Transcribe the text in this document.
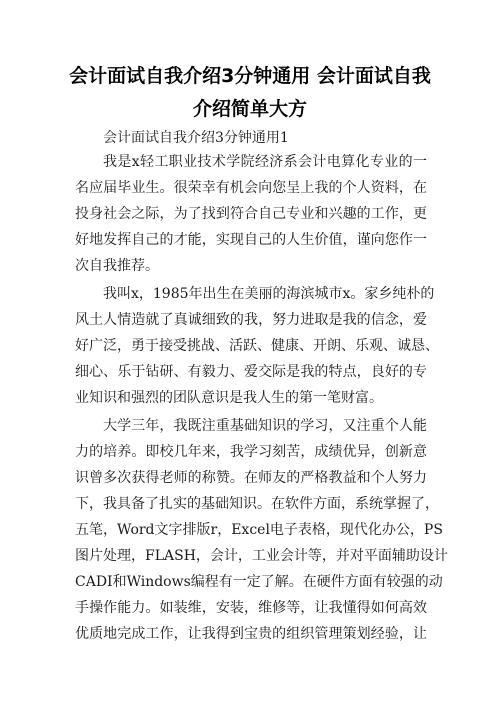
会计面试自我介绍3分钟通用 会计面试自我
介绍简单大方
会计面试自我介绍3分钟通用1
我是x轻工职业技术学院经济系会计电算化专业的一
名应届毕业生。很荣幸有机会向您呈上我的个人资料，在
投身社会之际，为了找到符合自己专业和兴趣的工作，更
好地发挥自己的才能，实现自己的人生价值，谨向您作一
次自我推荐。
我叫x，1985年出生在美丽的海滨城市x。家乡纯朴的
风土人情造就了真诚细致的我，努力进取是我的信念，爱
好广泛，勇于接受挑战、活跃、健康、开朗、乐观、诚恳、
细心、乐于钻研、有毅力、爱交际是我的特点，良好的专
业知识和强烈的团队意识是我人生的第一笔财富。
大学三年，我既注重基础知识的学习，又注重个人能
力的培养。即校几年来，我学习刻苦，成绩优异，创新意
识曾多次获得老师的称赞。在师友的严格教益和个人努力
下，我具备了扎实的基础知识。在软件方面，系统掌握了，
五笔，Word文字排版r，Excel电子表格，现代化办公，PS
图片处理，FLASH，会计，工业会计等，并对平面辅助设计
CADI和Windows编程有一定了解。在硬件方面有较强的动
手操作能力。如装维，安装，维修等，让我懂得如何高效
优质地完成工作，让我得到宝贵的组织管理策划经验，让
